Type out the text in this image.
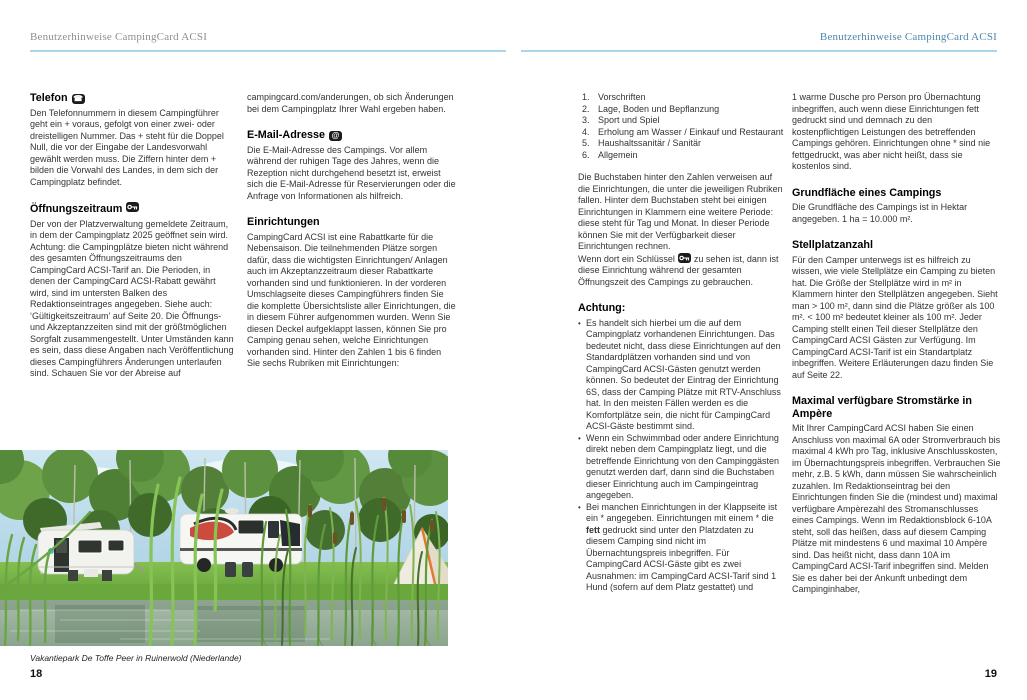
Benutzerhinweise CampingCard ACSI	Benutzerhinweise CampingCard ACSI
Telefon ☎

Den Telefonnummern in diesem Campingführer geht ein + voraus, gefolgt von einer zwei- oder dreistelligen Nummer. Das + steht für die Doppel Null, die vor der Eingabe der Landesvorwahl gewählt werden muss. Die Ziffern hinter dem + bilden die Vorwahl des Landes, in dem sich der Campingplatz befindet.

Öffnungszeitraum

Der von der Platzverwaltung gemeldete Zeitraum, in dem der Campingplatz 2025 geöffnet sein wird. Achtung: die Campingplätze bieten nicht während des gesamten Öffnungszeitraums den CampingCard ACSI-Tarif an. Die Perioden, in denen der CampingCard ACSI-Rabatt gewährt wird, sind im untersten Balken des Redaktionseintrages angegeben. Siehe auch: ‘Gültigkeitszeitraum’ auf Seite 20. Die Öffnungs- und Akzeptanzzeiten sind mit der größtmöglichen Sorgfalt zusammengestellt. Unter Umständen kann es sein, dass diese Angaben nach Veröffentlichung dieses Campingführers Änderungen unterlaufen sind. Schauen Sie vor der Abreise auf

campingcard.com/anderungen, ob sich Änderungen bei dem Campingplatz Ihrer Wahl ergeben haben.

E-Mail-Adresse @

Die E-Mail-Adresse des Campings. Vor allem während der ruhigen Tage des Jahres, wenn die Rezeption nicht durchgehend besetzt ist, erweist sich die E-Mail-Adresse für Reservierungen oder die Anfrage von Informationen als hilfreich.

Einrichtungen

CampingCard ACSI ist eine Rabattkarte für die Nebensaison. Die teilnehmenden Plätze sorgen dafür, dass die wichtigsten Einrichtungen/ Anlagen auch im Akzeptanzzeitraum dieser Rabattkarte vorhanden sind und funktionieren. In der vorderen Umschlagseite dieses Campingführers finden Sie die komplette Übersichtsliste aller Einrichtungen, die in diesem Führer aufgenommen wurden. Wenn Sie diesen Deckel aufgeklappt lassen, können Sie pro Camping genau sehen, welche Einrichtungen vorhanden sind. Hinter den Zahlen 1 bis 6 finden Sie sechs Rubriken mit Einrichtungen:

1. Vorschriften
2. Lage, Boden und Bepflanzung
3. Sport und Spiel
4. Erholung am Wasser / Einkauf und Restaurant
5. Haushaltssanitär / Sanitär
6. Allgemein

Die Buchstaben hinter den Zahlen verweisen auf die Einrichtungen, die unter die jeweiligen Rubriken fallen. Hinter dem Buchstaben steht bei einigen Einrichtungen in Klammern eine weitere Periode: diese steht für Tag und Monat. In dieser Periode können Sie mit der Verfügbarkeit dieser Einrichtungen rechnen.

Wenn dort ein Schlüssel zu sehen ist, dann ist diese Einrichtung während der gesamten Öffnungszeit des Campings zu gebrauchen.

Achtung:
• Es handelt sich hierbei um die auf dem Campingplatz vorhandenen Einrichtungen. Das bedeutet nicht, dass diese Einrichtungen auf den Standardplätzen vorhanden sind und von CampingCard ACSI-Gästen genutzt werden können. So bedeutet der Eintrag der Einrichtung 6S, dass der Camping Plätze mit RTV-Anschluss hat. In den meisten Fällen werden es die Komfortplätze sein, die nicht für CampingCard ACSI-Gäste bestimmt sind.
• Wenn ein Schwimmbad oder andere Einrichtung direkt neben dem Campingplatz liegt, und die betreffende Einrichtung von den Campinggästen genutzt werden darf, dann sind die Buchstaben dieser Einrichtung auch im Campingeintrag angegeben.
• Bei manchen Einrichtungen in der Klappseite ist ein * angegeben. Einrichtungen mit einem * die fett gedruckt sind unter den Platzdaten zu diesem Camping sind nicht im Übernachtungspreis inbegriffen. Für CampingCard ACSI-Gäste gibt es zwei Ausnahmen: im CampingCard ACSI-Tarif sind 1 Hund (sofern auf dem Platz gestattet) und

1 warme Dusche pro Person pro Übernachtung inbegriffen, auch wenn diese Einrichtungen fett gedruckt sind und demnach zu den kostenpflichtigen Leistungen des betreffenden Campings gehören. Einrichtungen ohne * sind nie fettgedruckt, was aber nicht heißt, dass sie kostenlos sind.

Grundfläche eines Campings

Die Grundfläche des Campings ist in Hektar angegeben. 1 ha = 10.000 m².

Stellplatzanzahl

Für den Camper unterwegs ist es hilfreich zu wissen, wie viele Stellplätze ein Camping zu bieten hat. Die Größe der Stellplätze wird in m² in Klammern hinter den Stellplätzen angegeben. Sieht man > 100 m², dann sind die Plätze größer als 100 m². < 100 m² bedeutet kleiner als 100 m². Jeder Camping stellt einen Teil dieser Stellplätze den CampingCard ACSI Gästen zur Verfügung. Im CampingCard ACSI-Tarif ist ein Standartplatz inbegriffen. Weitere Erläuterungen dazu finden Sie auf Seite 22.

Maximal verfügbare Stromstärke in Ampère

Mit Ihrer CampingCard ACSI haben Sie einen Anschluss von maximal 6A oder Stromverbrauch bis maximal 4 kWh pro Tag, inklusive Anschlusskosten, im Übernachtungspreis inbegriffen. Verbrauchen Sie mehr, z.B. 5 kWh, dann müssen Sie wahrscheinlich zuzahlen. Im Redaktionseintrag bei den Einrichtungen finden Sie die (mindest und) maximal verfügbare Ampèrezahl des Stromanschlusses eines Campings. Wenn im Redaktionsblock 6-10A steht, soll das heißen, dass auf diesem Camping Plätze mit mindestens 6 und maximal 10 Ampère sind. Das heißt nicht, dass dann 10A im CampingCard ACSI-Tarif inbegriffen sind. Melden Sie es daher bei der Ankunft unbedingt dem Campinginhaber,

Vakantiepark De Toffe Peer in Ruinerwold (Niederlande)
18	19
